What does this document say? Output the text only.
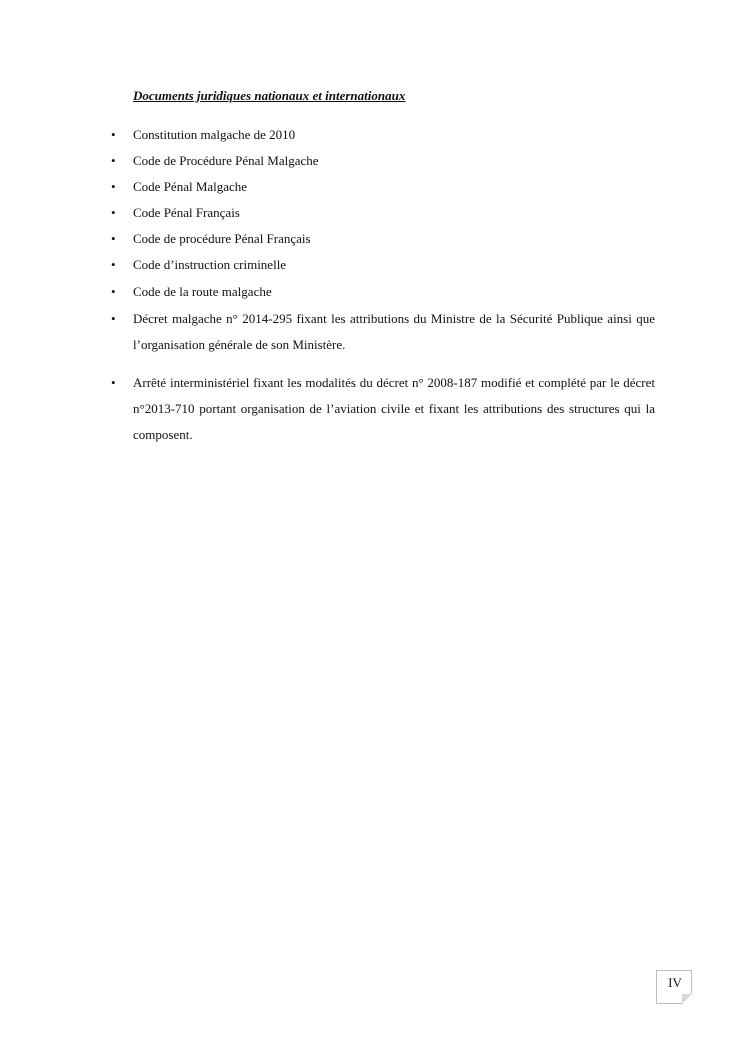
Documents juridiques nationaux et internationaux
• Constitution malgache de 2010
• Code de Procédure Pénal Malgache
• Code Pénal Malgache
• Code Pénal Français
• Code de procédure Pénal Français
• Code d’instruction criminelle
• Code de la route malgache
• Décret malgache n° 2014-295 fixant les attributions du Ministre de la Sécurité Publique ainsi que l’organisation générale de son Ministère.
• Arrêté interministériel fixant les modalités du décret n° 2008-187 modifié et complété par le décret n°2013-710 portant organisation de l’aviation civile et fixant les attributions des structures qui la composent.
IV
